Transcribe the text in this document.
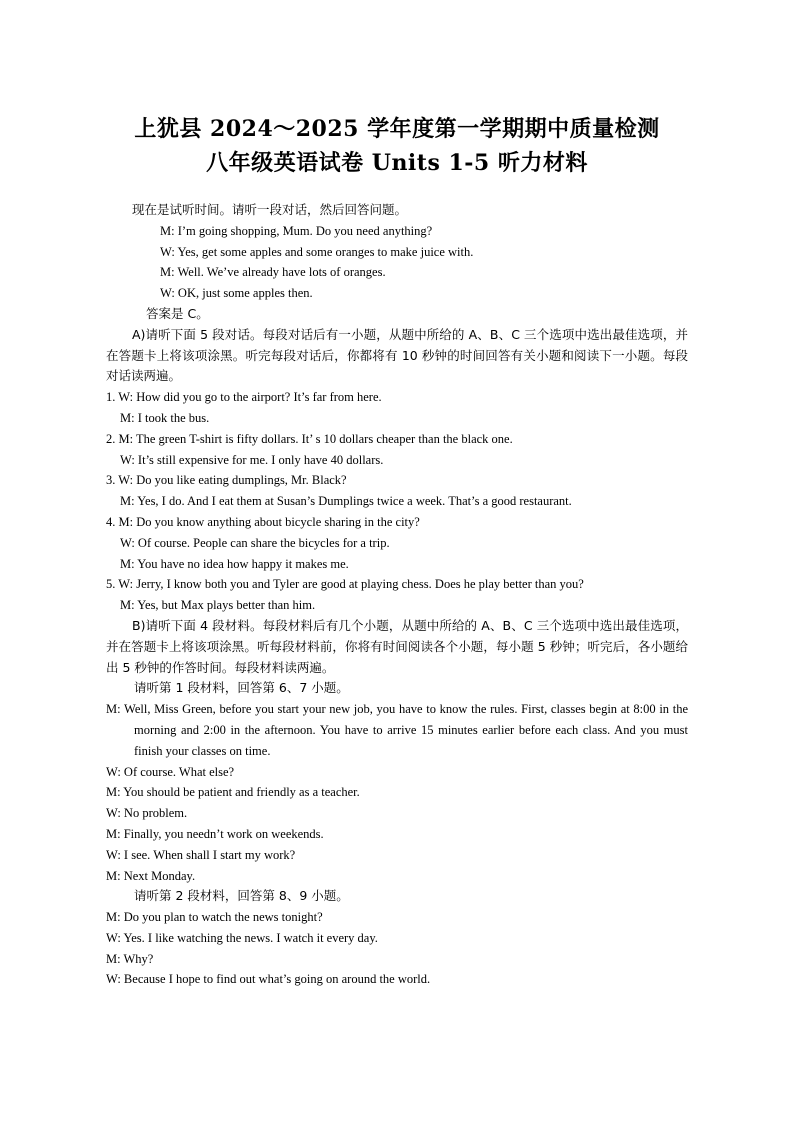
上犹县 2024～2025 学年度第一学期期中质量检测
八年级英语试卷 Units 1-5 听力材料

现在是试听时间。请听一段对话，然后回答问题。

M: I’m going shopping, Mum. Do you need anything?

W: Yes, get some apples and some oranges to make juice with.

M: Well. We’ve already have lots of oranges.

W: OK, just some apples then.

答案是 C。

A)请听下面 5 段对话。每段对话后有一小题，从题中所给的 A、B、C 三个选项中选出最佳选项，并在答题卡上将该项涂黑。听完每段对话后，你都将有 10 秒钟的时间回答有关小题和阅读下一小题。每段对话读两遍。

1. W: How did you go to the airport? It’s far from here.

M: I took the bus.

2. M: The green T-shirt is fifty dollars. It’ s 10 dollars cheaper than the black one.

W: It’s still expensive for me. I only have 40 dollars.

3. W: Do you like eating dumplings, Mr. Black?

M: Yes, I do. And I eat them at Susan’s Dumplings twice a week. That’s a good restaurant.

4. M: Do you know anything about bicycle sharing in the city?

W: Of course. People can share the bicycles for a trip.

M: You have no idea how happy it makes me.

5. W: Jerry, I know both you and Tyler are good at playing chess. Does he play better than you?

M: Yes, but Max plays better than him.

B)请听下面 4 段材料。每段材料后有几个小题，从题中所给的 A、B、C 三个选项中选出最佳选项，并在答题卡上将该项涂黑。听每段材料前，你将有时间阅读各个小题，每小题 5 秒钟；听完后，各小题给出 5 秒钟的作答时间。每段材料读两遍。

请听第 1 段材料，回答第 6、7 小题。

M: Well, Miss Green, before you start your new job, you have to know the rules. First, classes begin at 8:00 in the morning and 2:00 in the afternoon. You have to arrive 15 minutes earlier before each class. And you must finish your classes on time.

W: Of course. What else?

M: You should be patient and friendly as a teacher.

W: No problem.

M: Finally, you needn’t work on weekends.

W: I see. When shall I start my work?

M: Next Monday.

请听第 2 段材料，回答第 8、9 小题。

M: Do you plan to watch the news tonight?

W: Yes. I like watching the news. I watch it every day.

M: Why?

W: Because I hope to find out what’s going on around the world.
